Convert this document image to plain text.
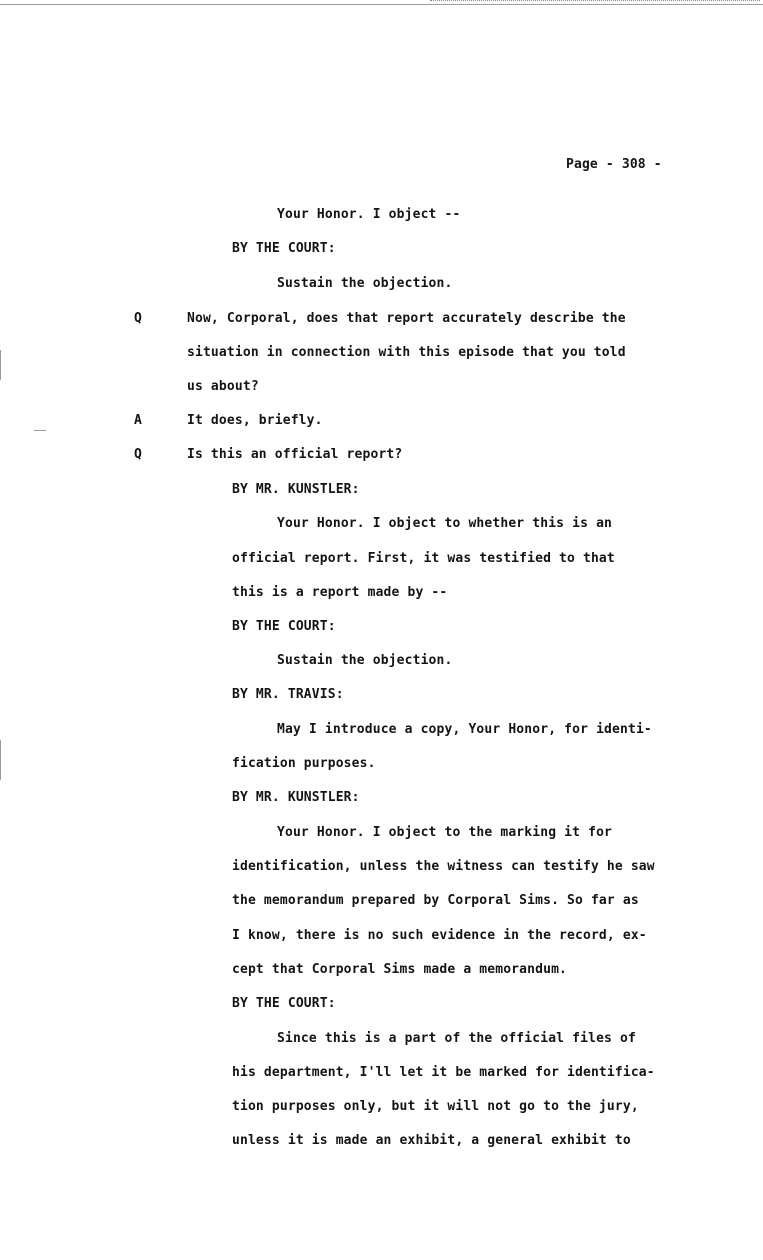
Page - 308 -
Your Honor. I object --
BY THE COURT:
Sustain the objection.
Q	Now, Corporal, does that report accurately describe the
situation in connection with this episode that you told
us about?
A	It does, briefly.
Q	Is this an official report?
BY MR. KUNSTLER:
Your Honor. I object to whether this is an
official report. First, it was testified to that
this is a report made by --
BY THE COURT:
Sustain the objection.
BY MR. TRAVIS:
May I introduce a copy, Your Honor, for identi-
fication purposes.
BY MR. KUNSTLER:
Your Honor. I object to the marking it for
identification, unless the witness can testify he saw
the memorandum prepared by Corporal Sims. So far as
I know, there is no such evidence in the record, ex-
cept that Corporal Sims made a memorandum.
BY THE COURT:
Since this is a part of the official files of
his department, I'll let it be marked for identifica-
tion purposes only, but it will not go to the jury,
unless it is made an exhibit, a general exhibit to
